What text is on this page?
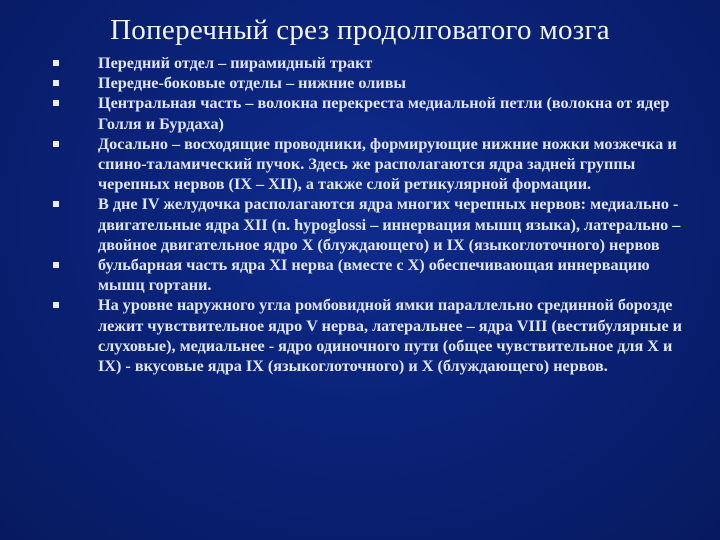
Поперечный срез продолговатого мозга
Передний отдел – пирамидный тракт
Передне-боковые отделы – нижние оливы
Центральная часть – волокна перекреста медиальной петли (волокна от ядер Голля и Бурдаха)
Досально – восходящие проводники, формирующие нижние ножки мозжечка и спино-таламический пучок. Здесь же располагаются ядра задней группы черепных нервов (IX – XII), а также слой ретикулярной формации.
В дне IV желудочка располагаются ядра многих черепных нервов: медиально - двигательные ядра XII (n. hypoglossi – иннервация мышц языка), латерально – двойное двигательное ядро X (блуждающего) и IX (языкоглоточного) нервов
бульбарная часть ядра XI нерва (вместе с X) обеспечивающая иннервацию мышц гортани.
На уровне наружного угла ромбовидной ямки параллельно срединной борозде лежит чувствительное ядро V нерва, латеральнее – ядра VIII (вестибулярные и слуховые), медиальнее - ядро одиночного пути (общее чувствительное для X и IX) - вкусовые ядра IX (языкоглоточного) и X (блуждающего) нервов.
